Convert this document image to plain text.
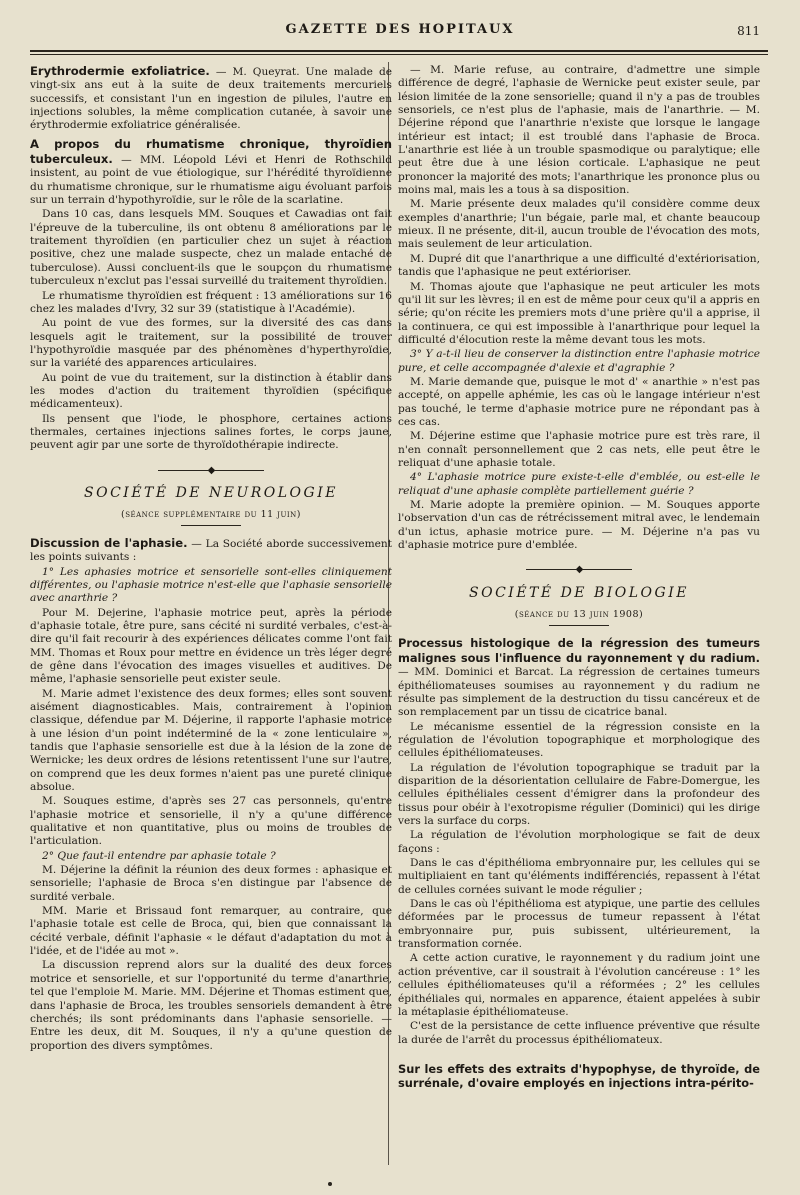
GAZETTE DES HOPITAUX	811

Erythrodermie exfoliatrice. — M. Queyrat. Une malade de vingt-six ans eut à la suite de deux traitements mercuriels successifs, et consistant l'un en ingestion de pilules, l'autre en injections solubles, la même complication cutanée, à savoir une érythrodermie exfoliatrice généralisée.

A propos du rhumatisme chronique, thyroïdien tuberculeux. — MM. Léopold Lévi et Henri de Rothschild insistent, au point de vue étiologique, sur l'hérédité thyroïdienne du rhumatisme chronique, sur le rhumatisme aigu évoluant parfois sur un terrain d'hypothyroïdie, sur le rôle de la scarlatine.

Dans 10 cas, dans lesquels MM. Souques et Cawadias ont fait l'épreuve de la tuberculine, ils ont obtenu 8 améliorations par le traitement thyroïdien (en particulier chez un sujet à réaction positive, chez une malade suspecte, chez un malade entaché de tuberculose). Aussi concluent-ils que le soupçon du rhumatisme tuberculeux n'exclut pas l'essai surveillé du traitement thyroïdien.

Le rhumatisme thyroïdien est fréquent : 13 améliorations sur 16 chez les malades d'Ivry, 32 sur 39 (statistique à l'Académie).

Au point de vue des formes, sur la diversité des cas dans lesquels agit le traitement, sur la possibilité de trouver l'hypothyroïdie masquée par des phénomènes d'hyperthyroïdie, sur la variété des apparences articulaires.

Au point de vue du traitement, sur la distinction à établir dans les modes d'action du traitement thyroïdien (spécifique médicamenteux).

Ils pensent que l'iode, le phosphore, certaines actions thermales, certaines injections salines fortes, le corps jaune, peuvent agir par une sorte de thyroïdothérapie indirecte.

◆
SOCIÉTÉ DE NEUROLOGIE
(séance supplémentaire du 11 juin)

Discussion de l'aphasie. — La Société aborde successivement les points suivants :

1° Les aphasies motrice et sensorielle sont-elles cliniquement différentes, ou l'aphasie motrice n'est-elle que l'aphasie sensorielle avec anarthrie ?

Pour M. Dejerine, l'aphasie motrice peut, après la période d'aphasie totale, être pure, sans cécité ni surdité verbales, c'est-à-dire qu'il fait recourir à des expériences délicates comme l'ont fait MM. Thomas et Roux pour mettre en évidence un très léger degré de gêne dans l'évocation des images visuelles et auditives. De même, l'aphasie sensorielle peut exister seule.

M. Marie admet l'existence des deux formes; elles sont souvent aisément diagnosticables. Mais, contrairement à l'opinion classique, défendue par M. Déjerine, il rapporte l'aphasie motrice à une lésion d'un point indéterminé de la « zone lenticulaire », tandis que l'aphasie sensorielle est due à la lésion de la zone de Wernicke; les deux ordres de lésions retentissent l'une sur l'autre, on comprend que les deux formes n'aient pas une pureté clinique absolue.

M. Souques estime, d'après ses 27 cas personnels, qu'entre l'aphasie motrice et sensorielle, il n'y a qu'une différence qualitative et non quantitative, plus ou moins de troubles de l'articulation.

2° Que faut-il entendre par aphasie totale ?

M. Déjerine la définit la réunion des deux formes : aphasique et sensorielle; l'aphasie de Broca s'en distingue par l'absence de surdité verbale.

MM. Marie et Brissaud font remarquer, au contraire, que l'aphasie totale est celle de Broca, qui, bien que connaissant la cécité verbale, définit l'aphasie « le défaut d'adaptation du mot à l'idée, et de l'idée au mot ».

La discussion reprend alors sur la dualité des deux forces motrice et sensorielle, et sur l'opportunité du terme d'anarthrie, tel que l'emploie M. Marie. MM. Déjerine et Thomas estiment que, dans l'aphasie de Broca, les troubles sensoriels demandent à être cherchés; ils sont prédominants dans l'aphasie sensorielle. — Entre les deux, dit M. Souques, il n'y a qu'une question de proportion des divers symptômes.

— M. Marie refuse, au contraire, d'admettre une simple différence de degré, l'aphasie de Wernicke peut exister seule, par lésion limitée de la zone sensorielle; quand il n'y a pas de troubles sensoriels, ce n'est plus de l'aphasie, mais de l'anarthrie. — M. Déjerine répond que l'anarthrie n'existe que lorsque le langage intérieur est intact; il est troublé dans l'aphasie de Broca. L'anarthrie est liée à un trouble spasmodique ou paralytique; elle peut être due à une lésion corticale. L'aphasique ne peut prononcer la majorité des mots; l'anarthrique les prononce plus ou moins mal, mais les a tous à sa disposition.

M. Marie présente deux malades qu'il considère comme deux exemples d'anarthrie; l'un bégaie, parle mal, et chante beaucoup mieux. Il ne présente, dit-il, aucun trouble de l'évocation des mots, mais seulement de leur articulation.

M. Dupré dit que l'anarthrique a une difficulté d'extériorisation, tandis que l'aphasique ne peut extérioriser.

M. Thomas ajoute que l'aphasique ne peut articuler les mots qu'il lit sur les lèvres; il en est de même pour ceux qu'il a appris en série; qu'on récite les premiers mots d'une prière qu'il a apprise, il la continuera, ce qui est impossible à l'anarthrique pour lequel la difficulté d'élocution reste la même devant tous les mots.

3° Y a-t-il lieu de conserver la distinction entre l'aphasie motrice pure, et celle accompagnée d'alexie et d'agraphie ?

M. Marie demande que, puisque le mot d' « anarthie » n'est pas accepté, on appelle aphémie, les cas où le langage intérieur n'est pas touché, le terme d'aphasie motrice pure ne répondant pas à ces cas.

M. Déjerine estime que l'aphasie motrice pure est très rare, il n'en connaît personnellement que 2 cas nets, elle peut être le reliquat d'une aphasie totale.

4° L'aphasie motrice pure existe-t-elle d'emblée, ou est-elle le reliquat d'une aphasie complète partiellement guérie ?

M. Marie adopte la première opinion. — M. Souques apporte l'observation d'un cas de rétrécissement mitral avec, le lendemain d'un ictus, aphasie motrice pure. — M. Déjerine n'a pas vu d'aphasie motrice pure d'emblée.

◆
SOCIÉTÉ DE BIOLOGIE
(séance du 13 juin 1908)

Processus histologique de la régression des tumeurs malignes sous l'influence du rayonnement γ du radium. — MM. Dominici et Barcat. La régression de certaines tumeurs épithéliomateuses soumises au rayonnement γ du radium ne résulte pas simplement de la destruction du tissu cancéreux et de son remplacement par un tissu de cicatrice banal.

Le mécanisme essentiel de la régression consiste en la régulation de l'évolution topographique et morphologique des cellules épithéliomateuses.

La régulation de l'évolution topographique se traduit par la disparition de la désorientation cellulaire de Fabre-Domergue, les cellules épithéliales cessent d'émigrer dans la profondeur des tissus pour obéir à l'exotropisme régulier (Dominici) qui les dirige vers la surface du corps.

La régulation de l'évolution morphologique se fait de deux façons :

Dans le cas d'épithélioma embryonnaire pur, les cellules qui se multipliaient en tant qu'éléments indifférenciés, repassent à l'état de cellules cornées suivant le mode régulier ;

Dans le cas où l'épithélioma est atypique, une partie des cellules déformées par le processus de tumeur repassent à l'état embryonnaire pur, puis subissent, ultérieurement, la transformation cornée.

A cette action curative, le rayonnement γ du radium joint une action préventive, car il soustrait à l'évolution cancéreuse : 1° les cellules épithéliomateuses qu'il a réformées ; 2° les cellules épithéliales qui, normales en apparence, étaient appelées à subir la métaplasie épithéliomateuse.

C'est de la persistance de cette influence préventive que résulte la durée de l'arrêt du processus épithéliomateux.

Sur les effets des extraits d'hypophyse, de thyroïde, de surrénale, d'ovaire employés en injections intra-périto-
